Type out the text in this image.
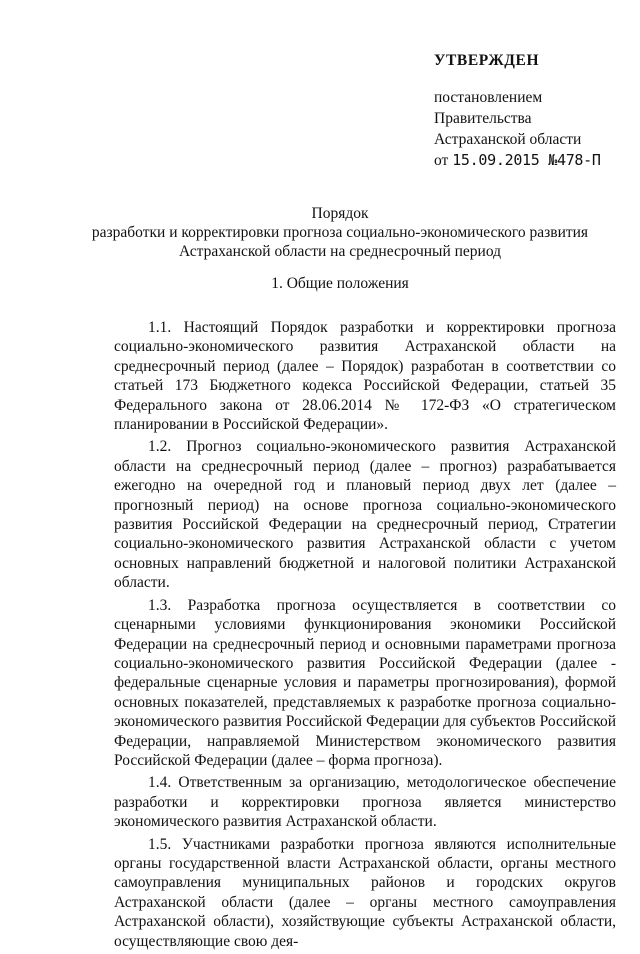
УТВЕРЖДЕН
постановлением
Правительства
Астраханской области
от 15.09.2015 №478-П
Порядок
разработки и корректировки прогноза социально-экономического развития
Астраханской области на среднесрочный период
1. Общие положения

1.1. Настоящий Порядок разработки и корректировки прогноза социально-экономического развития Астраханской области на среднесрочный период (далее – Порядок) разработан в соответствии со статьей 173 Бюджетного кодекса Российской Федерации, статьей 35 Федерального закона от 28.06.2014 № 172-ФЗ «О стратегическом планировании в Российской Федерации».

1.2. Прогноз социально-экономического развития Астраханской области на среднесрочный период (далее – прогноз) разрабатывается ежегодно на очередной год и плановый период двух лет (далее – прогнозный период) на основе прогноза социально-экономического развития Российской Федерации на среднесрочный период, Стратегии социально-экономического развития Астраханской области с учетом основных направлений бюджетной и налоговой политики Астраханской области.

1.3. Разработка прогноза осуществляется в соответствии со сценарными условиями функционирования экономики Российской Федерации на среднесрочный период и основными параметрами прогноза социально-экономического развития Российской Федерации (далее - федеральные сценарные условия и параметры прогнозирования), формой основных показателей, представляемых к разработке прогноза социально-экономического развития Российской Федерации для субъектов Российской Федерации, направляемой Министерством экономического развития Российской Федерации (далее – форма прогноза).

1.4. Ответственным за организацию, методологическое обеспечение разработки и корректировки прогноза является министерство экономического развития Астраханской области.

1.5. Участниками разработки прогноза являются исполнительные органы государственной власти Астраханской области, органы местного самоуправления муниципальных районов и городских округов Астраханской области (далее – органы местного самоуправления Астраханской области), хозяйствующие субъекты Астраханской области, осуществляющие свою дея-
